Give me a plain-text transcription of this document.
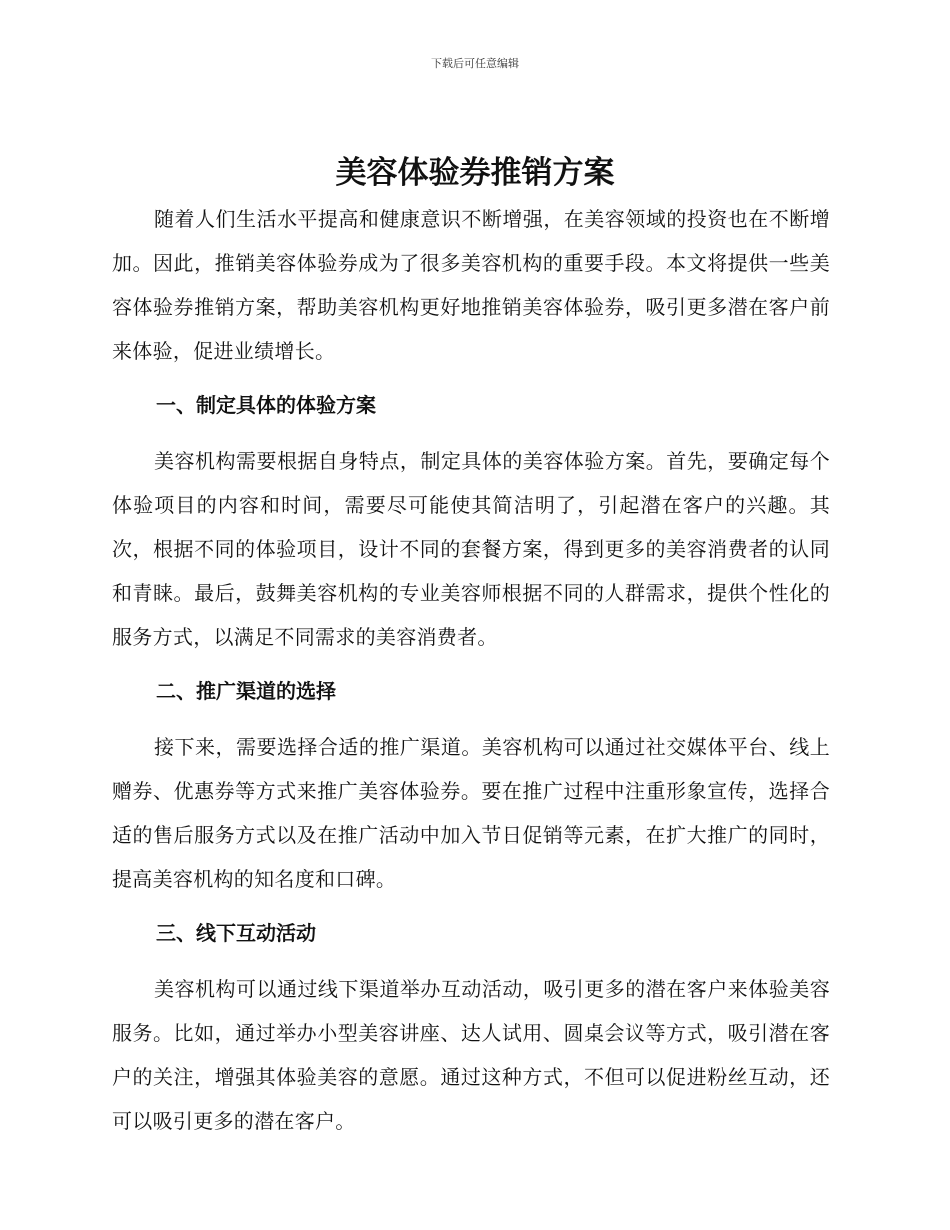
下载后可任意编辑
美容体验券推销方案

随着人们生活水平提高和健康意识不断增强，在美容领域的投资也在不断增加。因此，推销美容体验券成为了很多美容机构的重要手段。本文将提供一些美容体验券推销方案，帮助美容机构更好地推销美容体验券，吸引更多潜在客户前来体验，促进业绩增长。

一、制定具体的体验方案

美容机构需要根据自身特点，制定具体的美容体验方案。首先，要确定每个体验项目的内容和时间，需要尽可能使其简洁明了，引起潜在客户的兴趣。其次，根据不同的体验项目，设计不同的套餐方案，得到更多的美容消费者的认同和青睐。最后，鼓舞美容机构的专业美容师根据不同的人群需求，提供个性化的服务方式，以满足不同需求的美容消费者。

二、推广渠道的选择

接下来，需要选择合适的推广渠道。美容机构可以通过社交媒体平台、线上赠券、优惠券等方式来推广美容体验券。要在推广过程中注重形象宣传，选择合适的售后服务方式以及在推广活动中加入节日促销等元素，在扩大推广的同时，提高美容机构的知名度和口碑。

三、线下互动活动

美容机构可以通过线下渠道举办互动活动，吸引更多的潜在客户来体验美容服务。比如，通过举办小型美容讲座、达人试用、圆桌会议等方式，吸引潜在客户的关注，增强其体验美容的意愿。通过这种方式，不但可以促进粉丝互动，还可以吸引更多的潜在客户。
